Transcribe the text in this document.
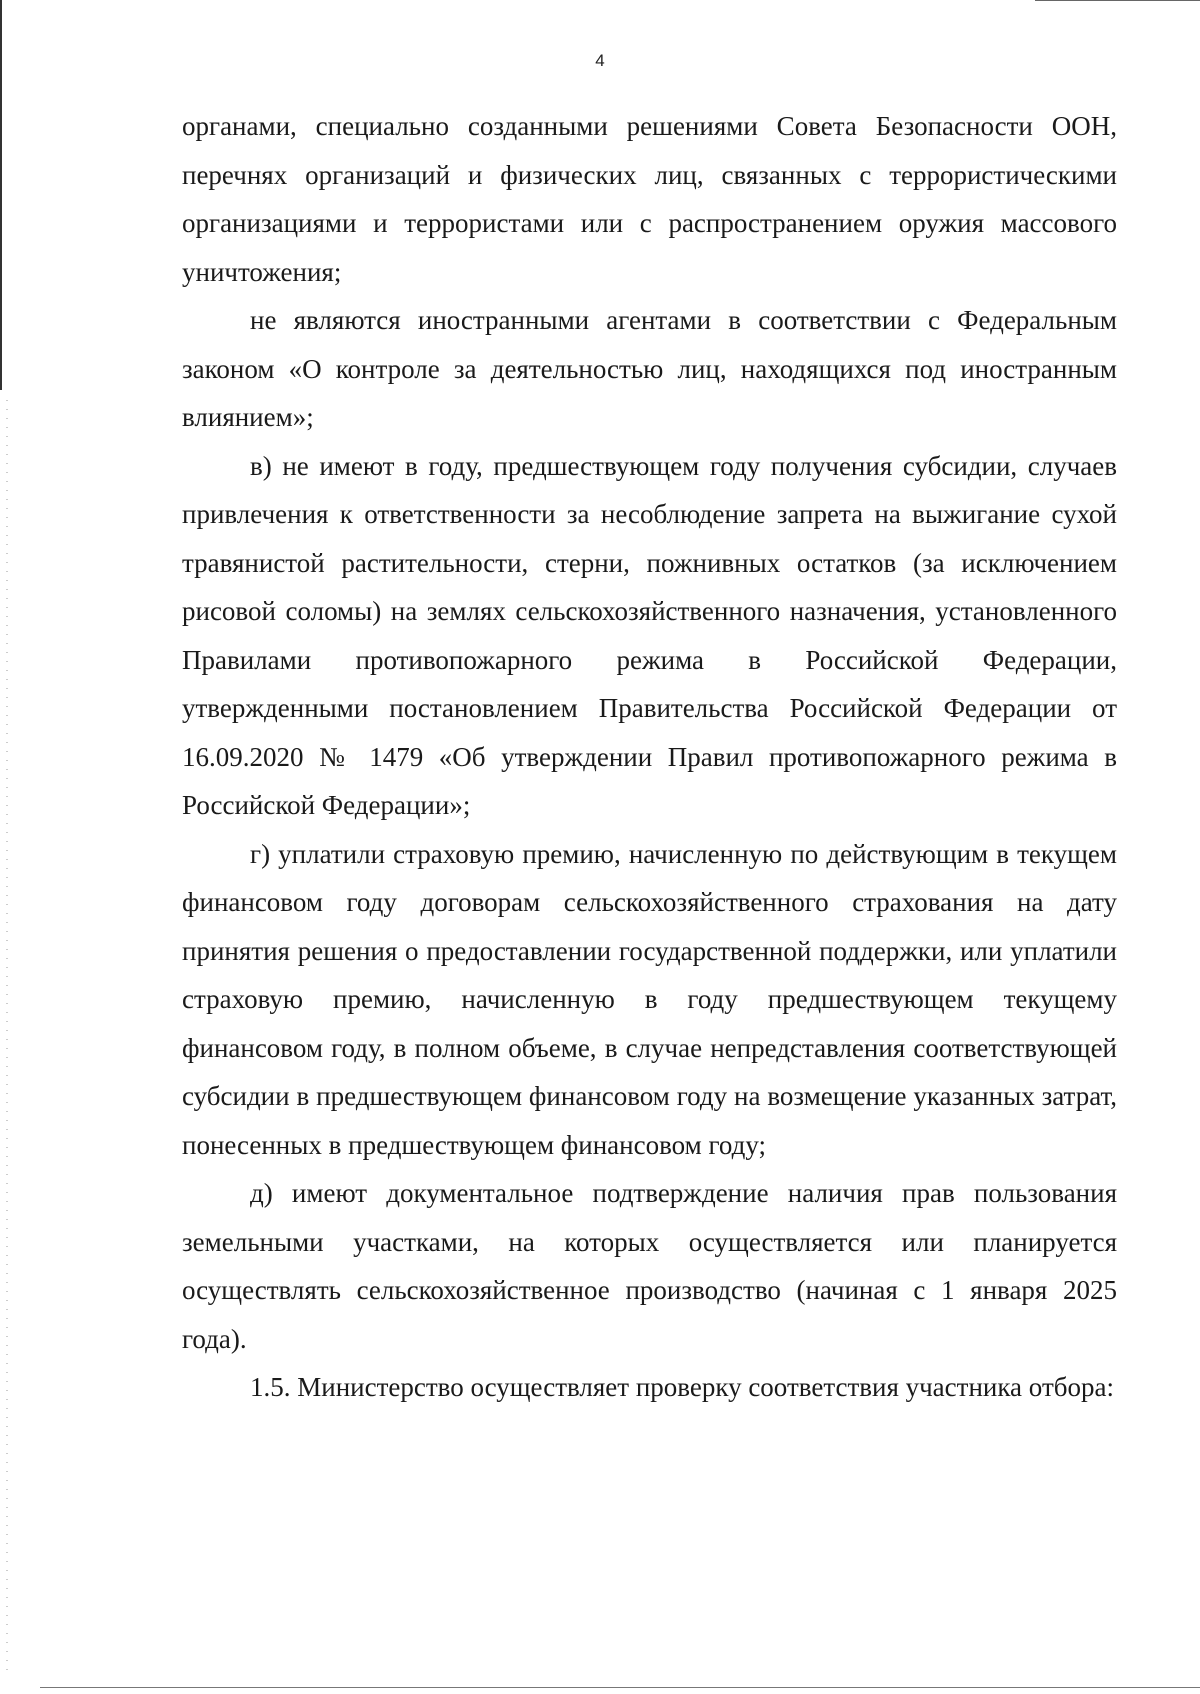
4

органами, специально созданными решениями Совета Безопасности ООН, перечнях организаций и физических лиц, связанных с террористическими организациями и террористами или с распространением оружия массового уничтожения;

не являются иностранными агентами в соответствии с Федеральным законом «О контроле за деятельностью лиц, находящихся под иностранным влиянием»;

в) не имеют в году, предшествующем году получения субсидии, случаев привлечения к ответственности за несоблюдение запрета на выжигание сухой травянистой растительности, стерни, пожнивных остатков (за исключением рисовой соломы) на землях сельскохозяйственного назначения, установленного Правилами противопожарного режима в Российской Федерации, утвержденными постановлением Правительства Российской Федерации от 16.09.2020 № 1479 «Об утверждении Правил противопожарного режима в Российской Федерации»;

г) уплатили страховую премию, начисленную по действующим в текущем финансовом году договорам сельскохозяйственного страхования на дату принятия решения о предоставлении государственной поддержки, или уплатили страховую премию, начисленную в году предшествующем текущему финансовом году, в полном объеме, в случае непредставления соответствующей субсидии в предшествующем финансовом году на возмещение указанных затрат, понесенных в предшествующем финансовом году;

д) имеют документальное подтверждение наличия прав пользования земельными участками, на которых осуществляется или планируется осуществлять сельскохозяйственное производство (начиная с 1 января 2025 года).

1.5. Министерство осуществляет проверку соответствия участника отбора:
